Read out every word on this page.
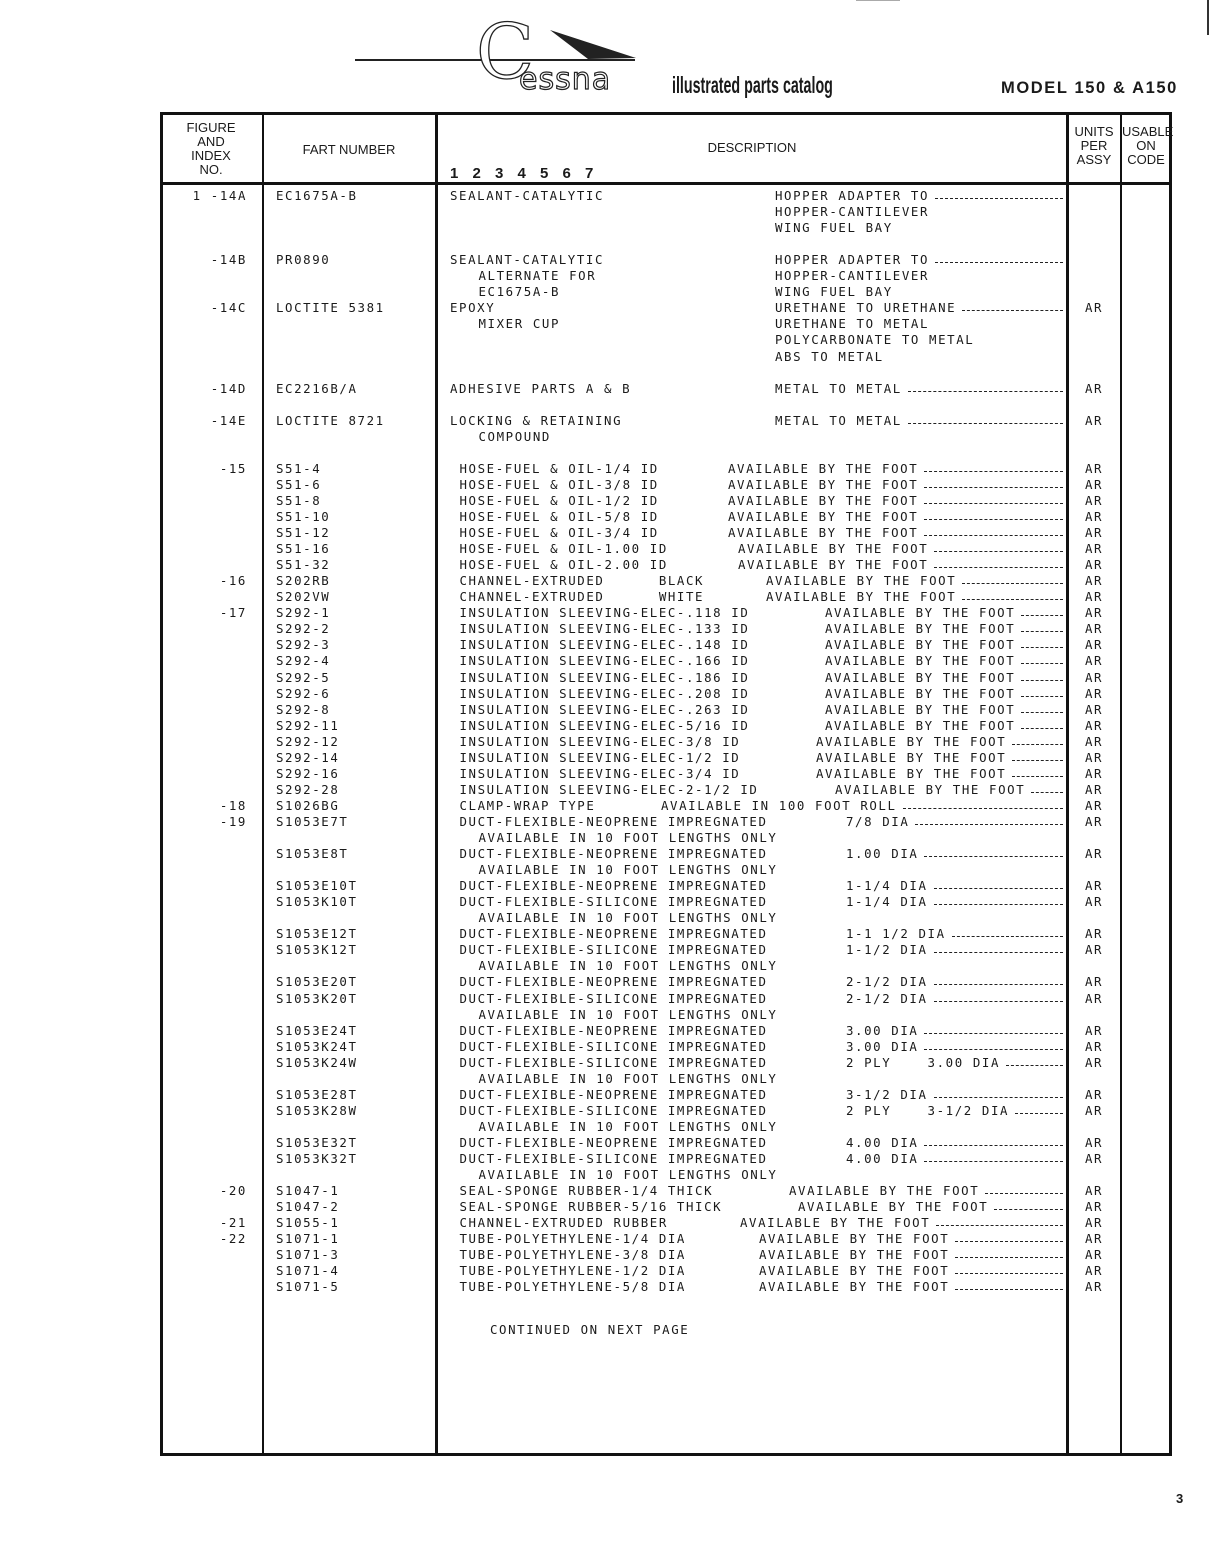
C
essna	illustrated parts catalog	MODEL 150 & A150
FIGURE
AND
INDEX
NO.
FART NUMBER	DESCRIPTION
1 2 3 4 5 6 7
UNITS
PER
ASSY
USABLE
ON
CODE
1 -14A EC1675A-B	SEALANT-CATALYTIC	HOPPER ADAPTER TO
HOPPER-CANTILEVER
WING FUEL BAY
-14B PR0890	SEALANT-CATALYTIC	HOPPER ADAPTER TO
ALTERNATE FOR	HOPPER-CANTILEVER
EC1675A-B	WING FUEL BAY
-14C LOCTITE 5381	EPOXY	URETHANE TO URETHANE	AR
MIXER CUP	URETHANE TO METAL
POLYCARBONATE TO METAL
ABS TO METAL
-14D EC2216B/A	ADHESIVE PARTS A & B	METAL TO METAL	AR
-14E LOCTITE 8721	LOCKING & RETAINING	METAL TO METAL	AR
COMPOUND
-15 S51-4	HOSE-FUEL & OIL-1/4 ID	AVAILABLE BY THE FOOT	AR
S51-6	HOSE-FUEL & OIL-3/8 ID	AVAILABLE BY THE FOOT	AR
S51-8	HOSE-FUEL & OIL-1/2 ID	AVAILABLE BY THE FOOT	AR
S51-10	HOSE-FUEL & OIL-5/8 ID	AVAILABLE BY THE FOOT	AR
S51-12	HOSE-FUEL & OIL-3/4 ID	AVAILABLE BY THE FOOT	AR
S51-16	HOSE-FUEL & OIL-1.00 ID	AVAILABLE BY THE FOOT	AR
S51-32	HOSE-FUEL & OIL-2.00 ID	AVAILABLE BY THE FOOT	AR
-16 S202RB	CHANNEL-EXTRUDED      BLACK	AVAILABLE BY THE FOOT	AR
S202VW	CHANNEL-EXTRUDED      WHITE	AVAILABLE BY THE FOOT	AR
-17 S292-1	INSULATION SLEEVING-ELEC-.118 ID	AVAILABLE BY THE FOOT	AR
S292-2	INSULATION SLEEVING-ELEC-.133 ID	AVAILABLE BY THE FOOT	AR
S292-3	INSULATION SLEEVING-ELEC-.148 ID	AVAILABLE BY THE FOOT	AR
S292-4	INSULATION SLEEVING-ELEC-.166 ID	AVAILABLE BY THE FOOT	AR
S292-5	INSULATION SLEEVING-ELEC-.186 ID	AVAILABLE BY THE FOOT	AR
S292-6	INSULATION SLEEVING-ELEC-.208 ID	AVAILABLE BY THE FOOT	AR
S292-8	INSULATION SLEEVING-ELEC-.263 ID	AVAILABLE BY THE FOOT	AR
S292-11	INSULATION SLEEVING-ELEC-5/16 ID	AVAILABLE BY THE FOOT	AR
S292-12	INSULATION SLEEVING-ELEC-3/8 ID	AVAILABLE BY THE FOOT	AR
S292-14	INSULATION SLEEVING-ELEC-1/2 ID	AVAILABLE BY THE FOOT	AR
S292-16	INSULATION SLEEVING-ELEC-3/4 ID	AVAILABLE BY THE FOOT	AR
S292-28	INSULATION SLEEVING-ELEC-2-1/2 ID	AVAILABLE BY THE FOOT	AR
-18 S1026BG	CLAMP-WRAP TYPE	AVAILABLE IN 100 FOOT ROLL	AR
-19 S1053E7T	DUCT-FLEXIBLE-NEOPRENE IMPREGNATED	7/8 DIA	AR
AVAILABLE IN 10 FOOT LENGTHS ONLY
S1053E8T	DUCT-FLEXIBLE-NEOPRENE IMPREGNATED	1.00 DIA	AR
AVAILABLE IN 10 FOOT LENGTHS ONLY
S1053E10T	DUCT-FLEXIBLE-NEOPRENE IMPREGNATED	1-1/4 DIA	AR
S1053K10T	DUCT-FLEXIBLE-SILICONE IMPREGNATED	1-1/4 DIA	AR
AVAILABLE IN 10 FOOT LENGTHS ONLY
S1053E12T	DUCT-FLEXIBLE-NEOPRENE IMPREGNATED	1-1 1/2 DIA	AR
S1053K12T	DUCT-FLEXIBLE-SILICONE IMPREGNATED	1-1/2 DIA	AR
AVAILABLE IN 10 FOOT LENGTHS ONLY
S1053E20T	DUCT-FLEXIBLE-NEOPRENE IMPREGNATED	2-1/2 DIA	AR
S1053K20T	DUCT-FLEXIBLE-SILICONE IMPREGNATED	2-1/2 DIA	AR
AVAILABLE IN 10 FOOT LENGTHS ONLY
S1053E24T	DUCT-FLEXIBLE-NEOPRENE IMPREGNATED	3.00 DIA	AR
S1053K24T	DUCT-FLEXIBLE-SILICONE IMPREGNATED	3.00 DIA	AR
S1053K24W	DUCT-FLEXIBLE-SILICONE IMPREGNATED	2 PLY    3.00 DIA	AR
AVAILABLE IN 10 FOOT LENGTHS ONLY
S1053E28T	DUCT-FLEXIBLE-NEOPRENE IMPREGNATED	3-1/2 DIA	AR
S1053K28W	DUCT-FLEXIBLE-SILICONE IMPREGNATED	2 PLY    3-1/2 DIA	AR
AVAILABLE IN 10 FOOT LENGTHS ONLY
S1053E32T	DUCT-FLEXIBLE-NEOPRENE IMPREGNATED	4.00 DIA	AR
S1053K32T	DUCT-FLEXIBLE-SILICONE IMPREGNATED	4.00 DIA	AR
AVAILABLE IN 10 FOOT LENGTHS ONLY
-20 S1047-1	SEAL-SPONGE RUBBER-1/4 THICK	AVAILABLE BY THE FOOT	AR
S1047-2	SEAL-SPONGE RUBBER-5/16 THICK	AVAILABLE BY THE FOOT	AR
-21 S1055-1	CHANNEL-EXTRUDED RUBBER	AVAILABLE BY THE FOOT	AR
-22 S1071-1	TUBE-POLYETHYLENE-1/4 DIA	AVAILABLE BY THE FOOT	AR
S1071-3	TUBE-POLYETHYLENE-3/8 DIA	AVAILABLE BY THE FOOT	AR
S1071-4	TUBE-POLYETHYLENE-1/2 DIA	AVAILABLE BY THE FOOT	AR
S1071-5	TUBE-POLYETHYLENE-5/8 DIA	AVAILABLE BY THE FOOT	AR
CONTINUED ON NEXT PAGE
3
